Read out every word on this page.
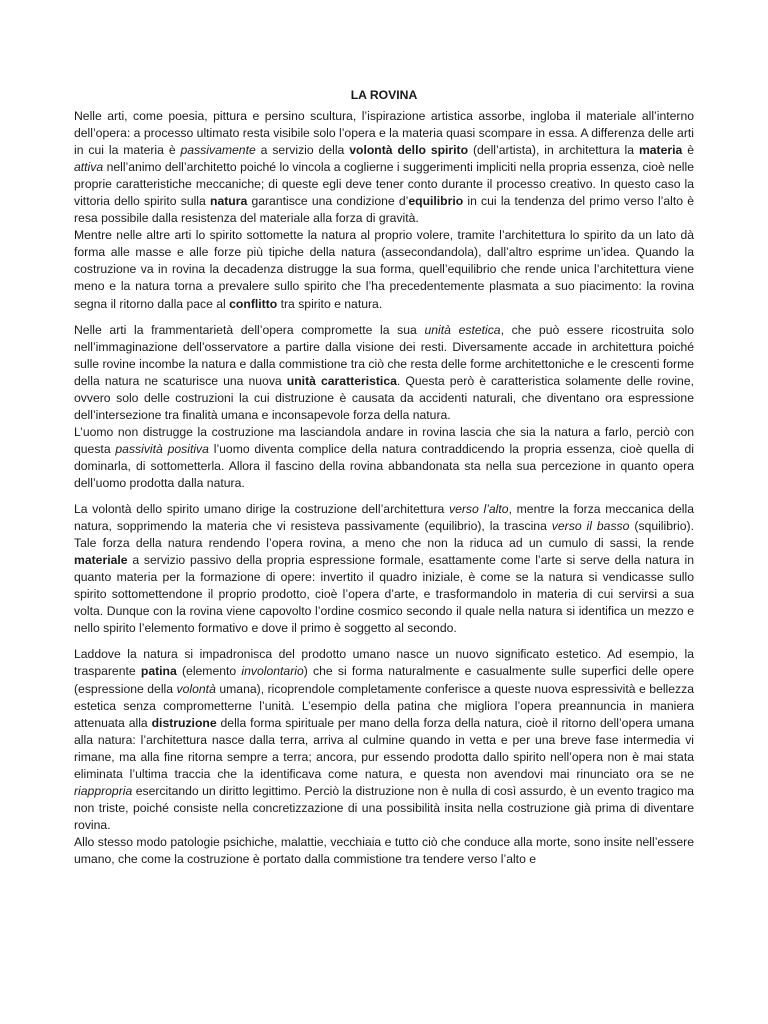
LA ROVINA

Nelle arti, come poesia, pittura e persino scultura, l’ispirazione artistica assorbe, ingloba il materiale all’interno dell’opera: a processo ultimato resta visibile solo l’opera e la materia quasi scompare in essa. A differenza delle arti in cui la materia è passivamente a servizio della volontà dello spirito (dell’artista), in architettura la materia è attiva nell’animo dell’architetto poiché lo vincola a coglierne i suggerimenti impliciti nella propria essenza, cioè nelle proprie caratteristiche meccaniche; di queste egli deve tener conto durante il processo creativo. In questo caso la vittoria dello spirito sulla natura garantisce una condizione d’equilibrio in cui la tendenza del primo verso l’alto è resa possibile dalla resistenza del materiale alla forza di gravità.

Mentre nelle altre arti lo spirito sottomette la natura al proprio volere, tramite l’architettura lo spirito da un lato dà forma alle masse e alle forze più tipiche della natura (assecondandola), dall’altro esprime un’idea. Quando la costruzione va in rovina la decadenza distrugge la sua forma, quell’equilibrio che rende unica l’architettura viene meno e la natura torna a prevalere sullo spirito che l’ha precedentemente plasmata a suo piacimento: la rovina segna il ritorno dalla pace al conflitto tra spirito e natura.

Nelle arti la frammentarietà dell’opera compromette la sua unità estetica, che può essere ricostruita solo nell’immaginazione dell’osservatore a partire dalla visione dei resti. Diversamente accade in architettura poiché sulle rovine incombe la natura e dalla commistione tra ciò che resta delle forme architettoniche e le crescenti forme della natura ne scaturisce una nuova unità caratteristica. Questa però è caratteristica solamente delle rovine, ovvero solo delle costruzioni la cui distruzione è causata da accidenti naturali, che diventano ora espressione dell’intersezione tra finalità umana e inconsapevole forza della natura.

L’uomo non distrugge la costruzione ma lasciandola andare in rovina lascia che sia la natura a farlo, perciò con questa passività positiva l’uomo diventa complice della natura contraddicendo la propria essenza, cioè quella di dominarla, di sottometterla. Allora il fascino della rovina abbandonata sta nella sua percezione in quanto opera dell’uomo prodotta dalla natura.

La volontà dello spirito umano dirige la costruzione dell’architettura verso l’alto, mentre la forza meccanica della natura, sopprimendo la materia che vi resisteva passivamente (equilibrio), la trascina verso il basso (squilibrio). Tale forza della natura rendendo l’opera rovina, a meno che non la riduca ad un cumulo di sassi, la rende materiale a servizio passivo della propria espressione formale, esattamente come l’arte si serve della natura in quanto materia per la formazione di opere: invertito il quadro iniziale, è come se la natura si vendicasse sullo spirito sottomettendone il proprio prodotto, cioè l’opera d’arte, e trasformandolo in materia di cui servirsi a sua volta. Dunque con la rovina viene capovolto l’ordine cosmico secondo il quale nella natura si identifica un mezzo e nello spirito l’elemento formativo e dove il primo è soggetto al secondo.

Laddove la natura si impadronisca del prodotto umano nasce un nuovo significato estetico. Ad esempio, la trasparente patina (elemento involontario) che si forma naturalmente e casualmente sulle superfici delle opere (espressione della volontà umana), ricoprendole completamente conferisce a queste nuova espressività e bellezza estetica senza comprometterne l’unità. L’esempio della patina che migliora l’opera preannuncia in maniera attenuata alla distruzione della forma spirituale per mano della forza della natura, cioè il ritorno dell’opera umana alla natura: l’architettura nasce dalla terra, arriva al culmine quando in vetta e per una breve fase intermedia vi rimane, ma alla fine ritorna sempre a terra; ancora, pur essendo prodotta dallo spirito nell’opera non è mai stata eliminata l’ultima traccia che la identificava come natura, e questa non avendovi mai rinunciato ora se ne riappropria esercitando un diritto legittimo. Perciò la distruzione non è nulla di così assurdo, è un evento tragico ma non triste, poiché consiste nella concretizzazione di una possibilità insita nella costruzione già prima di diventare rovina.

Allo stesso modo patologie psichiche, malattie, vecchiaia e tutto ciò che conduce alla morte, sono insite nell’essere umano, che come la costruzione è portato dalla commistione tra tendere verso l’alto e
